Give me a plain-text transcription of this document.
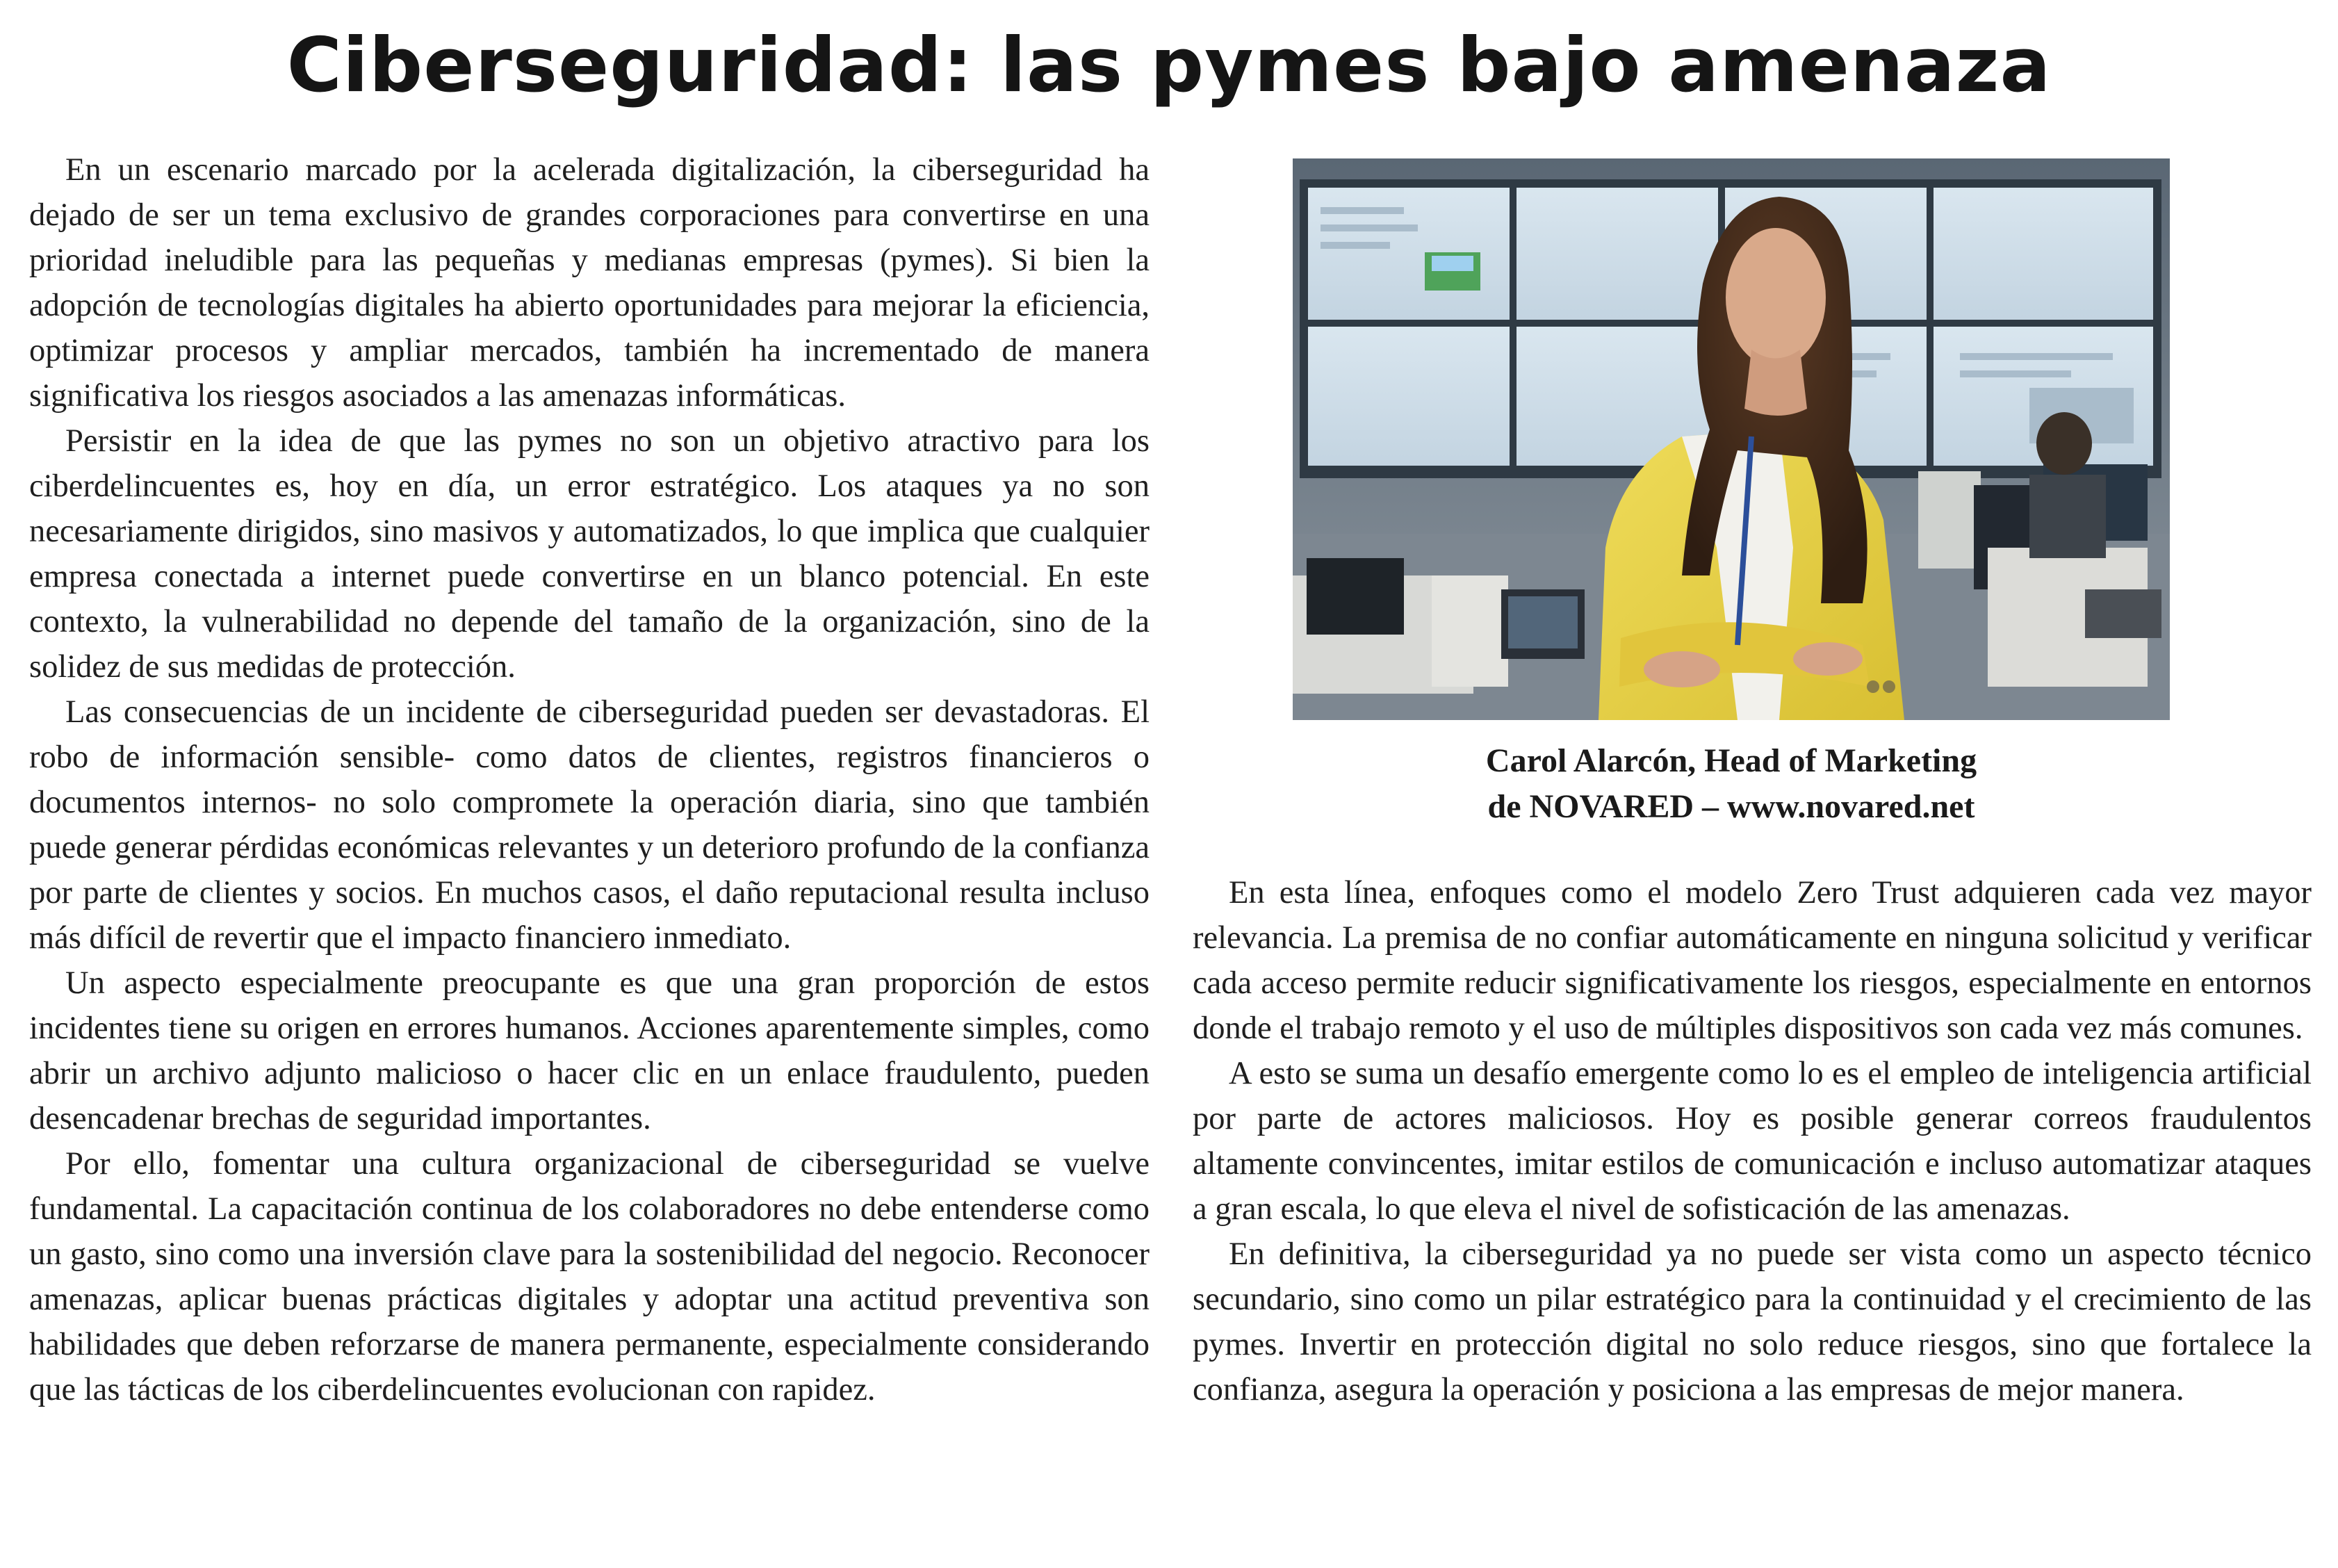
Ciberseguridad: las pymes bajo amenaza

En un escenario marcado por la acelerada digitalización, la ciberseguridad ha dejado de ser un tema exclusivo de grandes corporaciones para convertirse en una prioridad ineludible para las pequeñas y medianas empresas (pymes). Si bien la adopción de tecnologías digitales ha abierto oportunidades para mejorar la eficiencia, optimizar procesos y ampliar mercados, también ha incrementado de manera significativa los riesgos asociados a las amenazas informáticas.

Persistir en la idea de que las pymes no son un objetivo atractivo para los ciberdelincuentes es, hoy en día, un error estratégico. Los ataques ya no son necesariamente dirigidos, sino masivos y automatizados, lo que implica que cualquier empresa conectada a internet puede convertirse en un blanco potencial. En este contexto, la vulnerabilidad no depende del tamaño de la organización, sino de la solidez de sus medidas de protección.

Las consecuencias de un incidente de ciberseguridad pueden ser devastadoras. El robo de información sensible- como datos de clientes, registros financieros o documentos internos- no solo compromete la operación diaria, sino que también puede generar pérdidas económicas relevantes y un deterioro profundo de la confianza por parte de clientes y socios. En muchos casos, el daño reputacional resulta incluso más difícil de revertir que el impacto financiero inmediato.

Un aspecto especialmente preocupante es que una gran proporción de estos incidentes tiene su origen en errores humanos. Acciones aparentemente simples, como abrir un archivo adjunto malicioso o hacer clic en un enlace fraudulento, pueden desencadenar brechas de seguridad importantes.

Por ello, fomentar una cultura organizacional de ciberseguridad se vuelve fundamental. La capacitación continua de los colaboradores no debe entenderse como un gasto, sino como una inversión clave para la sostenibilidad del negocio. Reconocer amenazas, aplicar buenas prácticas digitales y adoptar una actitud preventiva son habilidades que deben reforzarse de manera permanente, especialmente considerando que las tácticas de los ciberdelincuentes evolucionan con rapidez.

Carol Alarcón, Head of Marketing
de NOVARED – www.novared.net

En esta línea, enfoques como el modelo Zero Trust adquieren cada vez mayor relevancia. La premisa de no confiar automáticamente en ninguna solicitud y verificar cada acceso permite reducir significativamente los riesgos, especialmente en entornos donde el trabajo remoto y el uso de múltiples dispositivos son cada vez más comunes.

A esto se suma un desafío emergente como lo es el empleo de inteligencia artificial por parte de actores maliciosos. Hoy es posible generar correos fraudulentos altamente convincentes, imitar estilos de comunicación e incluso automatizar ataques a gran escala, lo que eleva el nivel de sofisticación de las amenazas.

En definitiva, la ciberseguridad ya no puede ser vista como un aspecto técnico secundario, sino como un pilar estratégico para la continuidad y el crecimiento de las pymes. Invertir en protección digital no solo reduce riesgos, sino que fortalece la confianza, asegura la operación y posiciona a las empresas de mejor manera.
